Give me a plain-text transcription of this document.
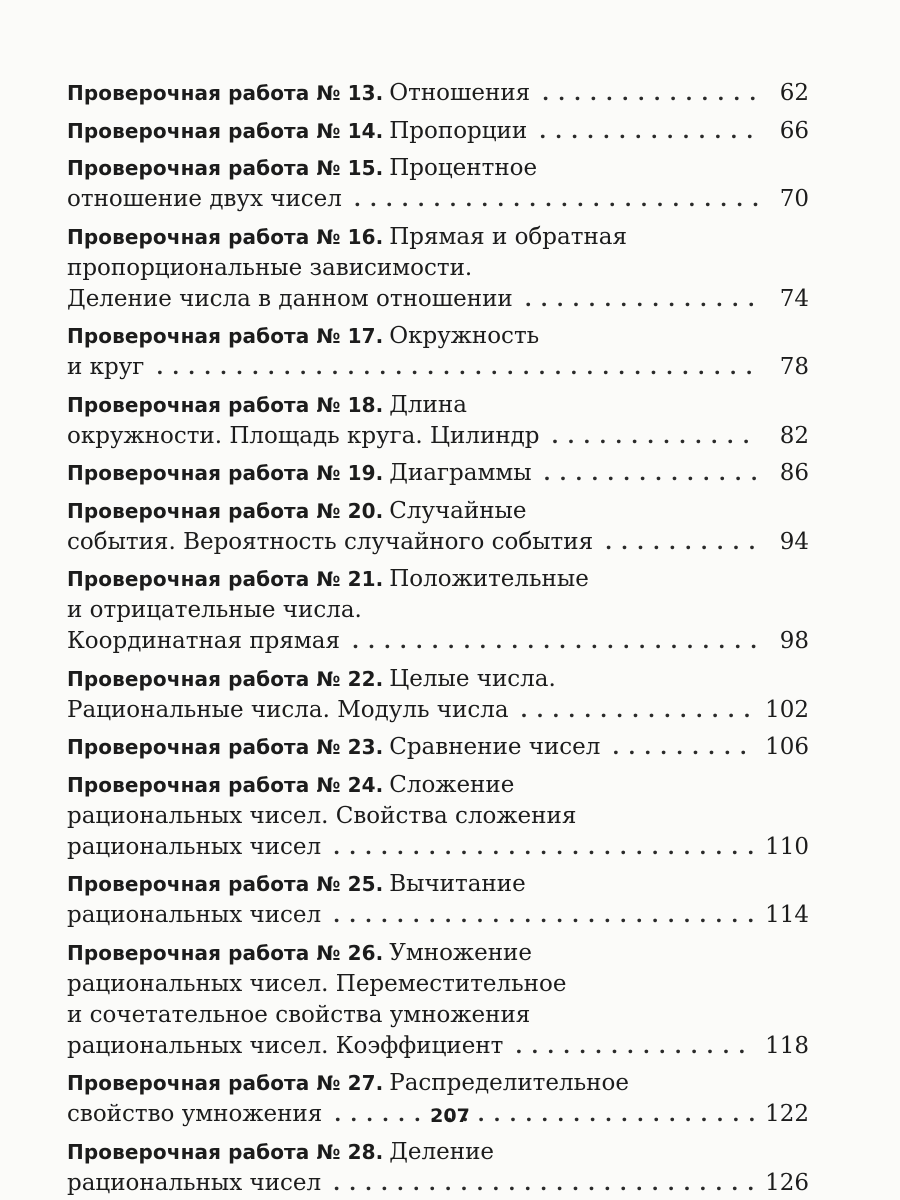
Проверочная работа № 13. Отношения . . .	62
Проверочная работа № 14. Пропорции . . .	66
Проверочная работа № 15. Процентное
отношение двух чисел . . .	70
Проверочная работа № 16. Прямая и обратная
пропорциональные зависимости.
Деление числа в данном отношении . . .	74
Проверочная работа № 17. Окружность
и круг . . .	78
Проверочная работа № 18. Длина
окружности. Площадь круга. Цилиндр . . .	82
Проверочная работа № 19. Диаграммы . . .	86
Проверочная работа № 20. Случайные
события. Вероятность случайного события . . .	94
Проверочная работа № 21. Положительные
и отрицательные числа.
Координатная прямая . . .	98
Проверочная работа № 22. Целые числа.
Рациональные числа. Модуль числа . . .	102
Проверочная работа № 23. Сравнение чисел . . .	106
Проверочная работа № 24. Сложение
рациональных чисел. Свойства сложения
рациональных чисел . . .	110
Проверочная работа № 25. Вычитание
рациональных чисел . . .	114
Проверочная работа № 26. Умножение
рациональных чисел. Переместительное
и сочетательное свойства умножения
рациональных чисел. Коэффициент . . .	118
Проверочная работа № 27. Распределительное
свойство умножения . . .	122
Проверочная работа № 28. Деление
рациональных чисел . . .	126
207
